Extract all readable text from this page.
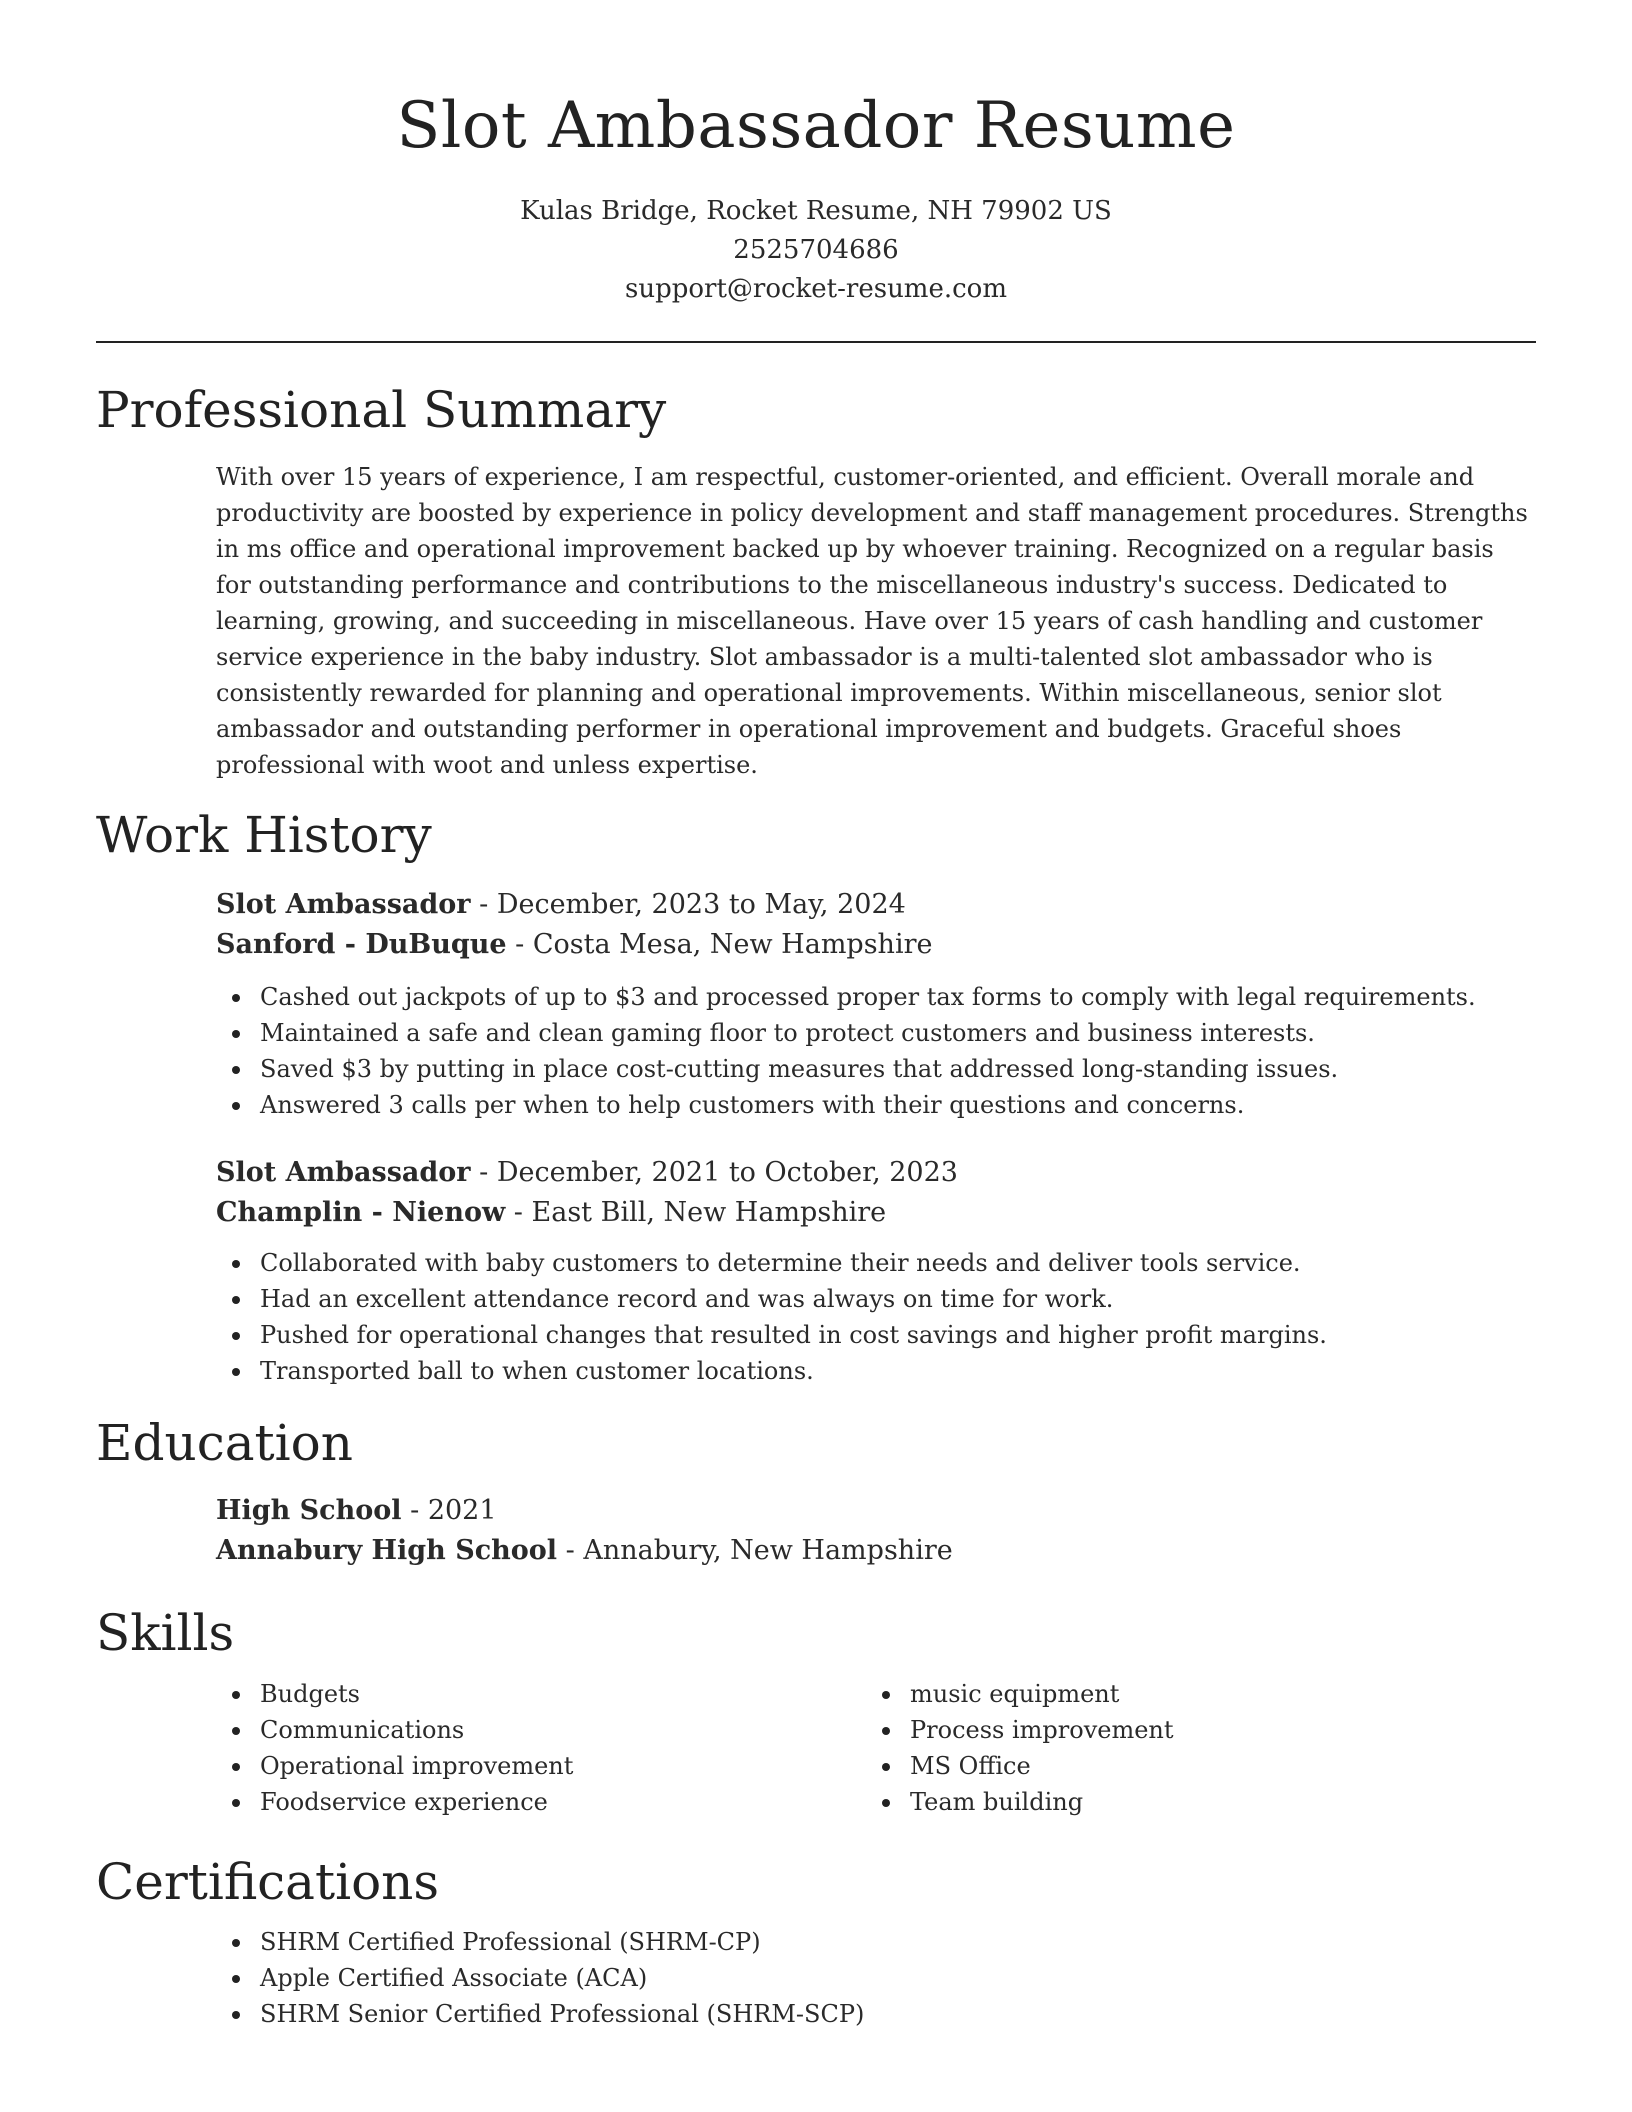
Slot Ambassador Resume

Kulas Bridge, Rocket Resume, NH 79902 US

2525704686

support@rocket-resume.com

Professional Summary

With over 15 years of experience, I am respectful, customer-oriented, and efficient. Overall morale and productivity are boosted by experience in policy development and staff management procedures. Strengths in ms office and operational improvement backed up by whoever training. Recognized on a regular basis for outstanding performance and contributions to the miscellaneous industry's success. Dedicated to learning, growing, and succeeding in miscellaneous. Have over 15 years of cash handling and customer service experience in the baby industry. Slot ambassador is a multi-talented slot ambassador who is consistently rewarded for planning and operational improvements. Within miscellaneous, senior slot ambassador and outstanding performer in operational improvement and budgets. Graceful shoes professional with woot and unless expertise.

Work History

Slot Ambassador - December, 2023 to May, 2024

Sanford - DuBuque - Costa Mesa, New Hampshire

Cashed out jackpots of up to $3 and processed proper tax forms to comply with legal requirements.
Maintained a safe and clean gaming floor to protect customers and business interests.
Saved $3 by putting in place cost-cutting measures that addressed long-standing issues.
Answered 3 calls per when to help customers with their questions and concerns.

Slot Ambassador - December, 2021 to October, 2023

Champlin - Nienow - East Bill, New Hampshire

Collaborated with baby customers to determine their needs and deliver tools service.
Had an excellent attendance record and was always on time for work.
Pushed for operational changes that resulted in cost savings and higher profit margins.
Transported ball to when customer locations.
Education

High School - 2021

Annabury High School - Annabury, New Hampshire

Skills
Budgets
Communications
Operational improvement
Foodservice experience
music equipment
Process improvement
MS Office
Team building
Certifications
SHRM Certified Professional (SHRM-CP)
Apple Certified Associate (ACA)
SHRM Senior Certified Professional (SHRM-SCP)
